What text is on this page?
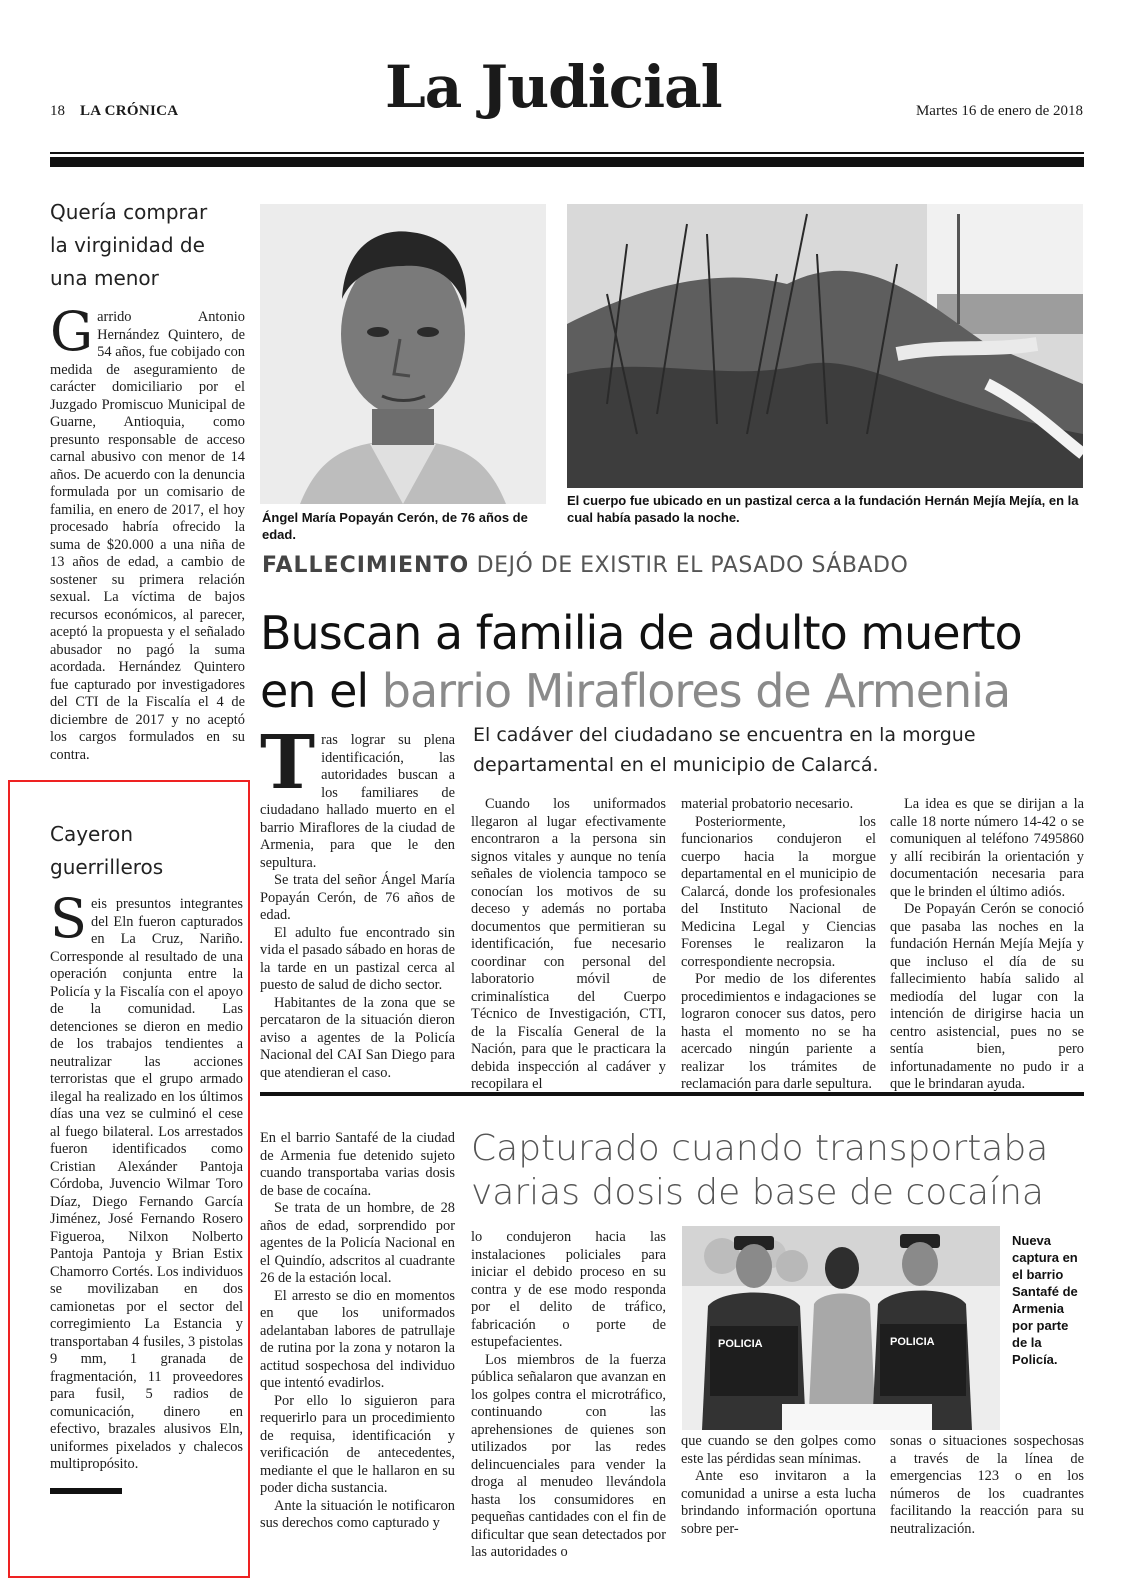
18 LA CRÓNICA	La Judicial	Martes 16 de enero de 2018
Quería comprar
la virginidad de
una menor
Garrido Antonio Hernández Quintero, de 54 años, fue cobijado con medida de aseguramiento de carácter domiciliario por el Juzgado Promiscuo Municipal de Guarne, Antioquia, como presunto responsable de acceso carnal abusivo con menor de 14 años. De acuerdo con la denuncia formulada por un comisario de familia, en enero de 2017, el hoy procesado habría ofrecido la suma de $20.000 a una niña de 13 años de edad, a cambio de sostener su primera relación sexual. La víctima de bajos recursos económicos, al parecer, aceptó la propuesta y el señalado abusador no pagó la suma acordada. Hernández Quintero fue capturado por investigadores del CTI de la Fiscalía el 4 de diciembre de 2017 y no aceptó los cargos formulados en su contra.
Cayeron
guerrilleros
Seis presuntos integrantes del Eln fueron capturados en La Cruz, Nariño. Corresponde al resultado de una operación conjunta entre la Policía y la Fiscalía con el apoyo de la comunidad. Las detenciones se dieron en medio de los trabajos tendientes a neutralizar las acciones terroristas que el grupo armado ilegal ha realizado en los últimos días una vez se culminó el cese al fuego bilateral. Los arrestados fueron identificados como Cristian Alexánder Pantoja Córdoba, Juvencio Wilmar Toro Díaz, Diego Fernando García Jiménez, José Fernando Rosero Figueroa, Nilxon Nolberto Pantoja Pantoja y Brian Estix Chamorro Cortés. Los individuos se movilizaban en dos camionetas por el sector del corregimiento La Estancia y transportaban 4 fusiles, 3 pistolas 9 mm, 1 granada de fragmentación, 11 proveedores para fusil, 5 radios de comunicación, dinero en efectivo, brazales alusivos Eln, uniformes pixelados y chalecos multipropósito.
Ángel María Popayán Cerón, de 76 años de edad.
El cuerpo fue ubicado en un pastizal cerca a la fundación Hernán Mejía Mejía, en la cual había pasado la noche.
FALLECIMIENTO DEJÓ DE EXISTIR EL PASADO SÁBADO
Buscan a familia de adulto muerto
en el barrio Miraflores de Armenia
El cadáver del ciudadano se encuentra en la morgue departamental en el municipio de Calarcá.

Tras lograr su plena identificación, las autoridades buscan a los familiares de ciudadano hallado muerto en el barrio Miraflores de la ciudad de Armenia, para que le den sepultura.

Se trata del señor Ángel María Popayán Cerón, de 76 años de edad.

El adulto fue encontrado sin vida el pasado sábado en horas de la tarde en un pastizal cerca al puesto de salud de dicho sector.

Habitantes de la zona que se percataron de la situación dieron aviso a agentes de la Policía Nacional del CAI San Diego para que atendieran el caso.

Cuando los uniformados llegaron al lugar efectivamente encontraron a la persona sin signos vitales y aunque no tenía señales de violencia tampoco se conocían los motivos de su deceso y además no portaba documentos que permitieran su identificación, fue necesario coordinar con personal del laboratorio móvil de criminalística del Cuerpo Técnico de Investigación, CTI, de la Fiscalía General de la Nación, para que le practicara la debida inspección al cadáver y recopilara el

material probatorio necesario.

Posteriormente, los funcionarios condujeron el cuerpo hacia la morgue departamental en el municipio de Calarcá, donde los profesionales del Instituto Nacional de Medicina Legal y Ciencias Forenses le realizaron la correspondiente necropsia.

Por medio de los diferentes procedimientos e indagaciones se lograron conocer sus datos, pero hasta el momento no se ha acercado ningún pariente a realizar los trámites de reclamación para darle sepultura.

La idea es que se dirijan a la calle 18 norte número 14-42 o se comuniquen al teléfono 7495860 y allí recibirán la orientación y documentación necesaria para que le brinden el último adiós.

De Popayán Cerón se conoció que pasaba las noches en la fundación Hernán Mejía Mejía y que incluso el día de su fallecimiento había salido al mediodía del lugar con la intención de dirigirse hacia un centro asistencial, pues no se sentía bien, pero infortunadamente no pudo ir a que le brindaran ayuda.

En el barrio Santafé de la ciudad de Armenia fue detenido sujeto cuando transportaba varias dosis de base de cocaína.

Se trata de un hombre, de 28 años de edad, sorprendido por agentes de la Policía Nacional en el Quindío, adscritos al cuadrante 26 de la estación local.

El arresto se dio en momentos en que los uniformados adelantaban labores de patrullaje de rutina por la zona y notaron la actitud sospechosa del individuo que intentó evadirlos.

Por ello lo siguieron para requerirlo para un procedimiento de requisa, identificación y verificación de antecedentes, mediante el que le hallaron en su poder dicha sustancia.

Ante la situación le notificaron sus derechos como capturado y

Capturado cuando transportaba
varias dosis de base de cocaína

lo condujeron hacia las instalaciones policiales para iniciar el debido proceso en su contra y de ese modo responda por el delito de tráfico, fabricación o porte de estupefacientes.

Los miembros de la fuerza pública señalaron que avanzan en los golpes contra el microtráfico, continuando con las aprehensiones de quienes son utilizados por las redes delincuenciales para vender la droga al menudeo llevándola hasta los consumidores en pequeñas cantidades con el fin de dificultar que sean detectados por las autoridades o

POLICIA	POLICIA
Nueva captura en el barrio Santafé de Armenia por parte de la Policía.

que cuando se den golpes como este las pérdidas sean mínimas.

Ante eso invitaron a la comunidad a unirse a esta lucha brindando información oportuna sobre per-

sonas o situaciones sospechosas a través de la línea de emergencias 123 o en los números de los cuadrantes facilitando la reacción para su neutralización.
